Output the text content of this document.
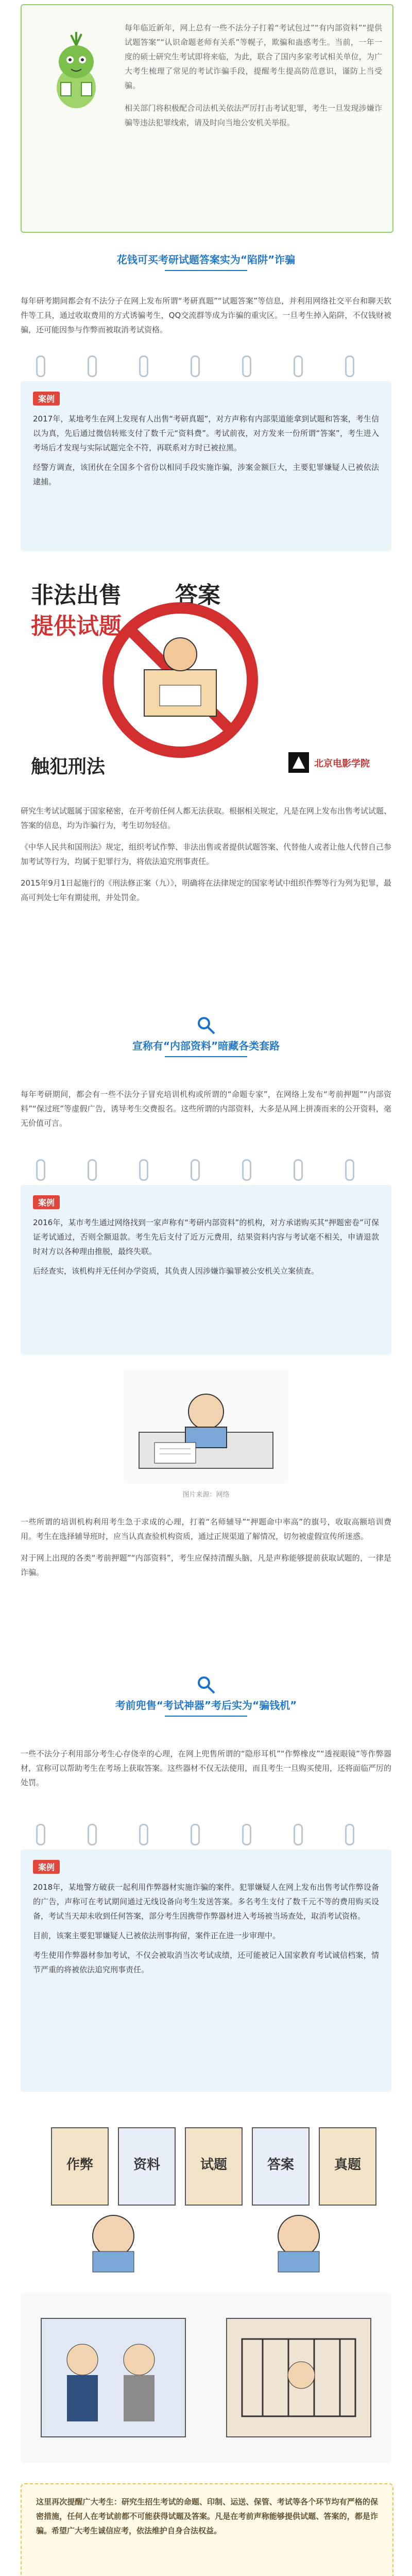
每年临近新年，网上总有一些不法分子打着“考试包过”“有内部资料”“提供试题答案”“认识命题老师有关系”等幌子，欺骗和蛊惑考生。当前，一年一度的硕士研究生考试即将来临，为此，联合了国内多家考试相关单位，为广大考生梳理了常见的考试诈骗手段，提醒考生提高防范意识，谨防上当受骗。

相关部门将积极配合司法机关依法严厉打击考试犯罪，考生一旦发现涉嫌诈骗等违法犯罪线索，请及时向当地公安机关举报。

花钱可买考研试题答案实为“陷阱”诈骗

每年研考期间都会有不法分子在网上发布所谓“考研真题”“试题答案”等信息，并利用网络社交平台和聊天软件等工具，通过收取费用的方式诱骗考生，QQ交流群等成为诈骗的重灾区。一旦考生掉入陷阱，不仅钱财被骗，还可能因参与作弊而被取消考试资格。

案例

2017年，某地考生在网上发现有人出售“考研真题”，对方声称有内部渠道能拿到试题和答案，考生信以为真，先后通过微信转账支付了数千元“资料费”。考试前夜，对方发来一份所谓“答案”，考生进入考场后才发现与实际试题完全不符，再联系对方时已被拉黑。

经警方调查，该团伙在全国多个省份以相同手段实施诈骗，涉案金额巨大，主要犯罪嫌疑人已被依法逮捕。

非法出售
提供试题
答案
触犯刑法	北京电影学院

研究生考试试题属于国家秘密，在开考前任何人都无法获取。根据相关规定，凡是在网上发布出售考试试题、答案的信息，均为诈骗行为，考生切勿轻信。

《中华人民共和国刑法》规定，组织考试作弊、非法出售或者提供试题答案、代替他人或者让他人代替自己参加考试等行为，均属于犯罪行为，将依法追究刑事责任。

2015年9月1日起施行的《刑法修正案（九）》，明确将在法律规定的国家考试中组织作弊等行为列为犯罪，最高可判处七年有期徒刑，并处罚金。

宣称有“内部资料”暗藏各类套路

每年考研期间，都会有一些不法分子冒充培训机构或所谓的“命题专家”，在网络上发布“考前押题”“内部资料”“保过班”等虚假广告，诱导考生交费报名。这些所谓的内部资料，大多是从网上拼凑而来的公开资料，毫无价值可言。

案例

2016年，某市考生通过网络找到一家声称有“考研内部资料”的机构，对方承诺购买其“押题密卷”可保证考试通过，否则全额退款。考生先后支付了近万元费用，结果资料内容与考试毫不相关，申请退款时对方以各种理由推脱，最终失联。

后经查实，该机构并无任何办学资质，其负责人因涉嫌诈骗罪被公安机关立案侦查。

图片来源：网络

一些所谓的培训机构利用考生急于求成的心理，打着“名师辅导”“押题命中率高”的旗号，收取高额培训费用。考生在选择辅导班时，应当认真查验机构资质，通过正规渠道了解情况，切勿被虚假宣传所迷惑。

对于网上出现的各类“考前押题”“内部资料”，考生应保持清醒头脑，凡是声称能够提前获取试题的，一律是诈骗。

考前兜售“考试神器”考后实为“骗钱机”

一些不法分子利用部分考生心存侥幸的心理，在网上兜售所谓的“隐形耳机”“作弊橡皮”“透视眼镜”等作弊器材，宣称可以帮助考生在考场上获取答案。这些器材不仅无法使用，而且考生一旦购买使用，还将面临严厉的处罚。

案例

2018年，某地警方破获一起利用作弊器材实施诈骗的案件。犯罪嫌疑人在网上发布出售考试作弊设备的广告，声称可在考试期间通过无线设备向考生发送答案。多名考生支付了数千元不等的费用购买设备，考试当天却未收到任何答案，部分考生因携带作弊器材进入考场被当场查处，取消考试资格。

目前，该案主要犯罪嫌疑人已被依法刑事拘留，案件正在进一步审理中。

考生使用作弊器材参加考试，不仅会被取消当次考试成绩，还可能被记入国家教育考试诚信档案，情节严重的将被依法追究刑事责任。

作弊	资料	试题	答案	真题

这里再次提醒广大考生：研究生招生考试的命题、印制、运送、保管、考试等各个环节均有严格的保密措施，任何人在考试前都不可能获得试题及答案。凡是在考前声称能够提供试题、答案的，都是诈骗。希望广大考生诚信应考，依法维护自身合法权益。
